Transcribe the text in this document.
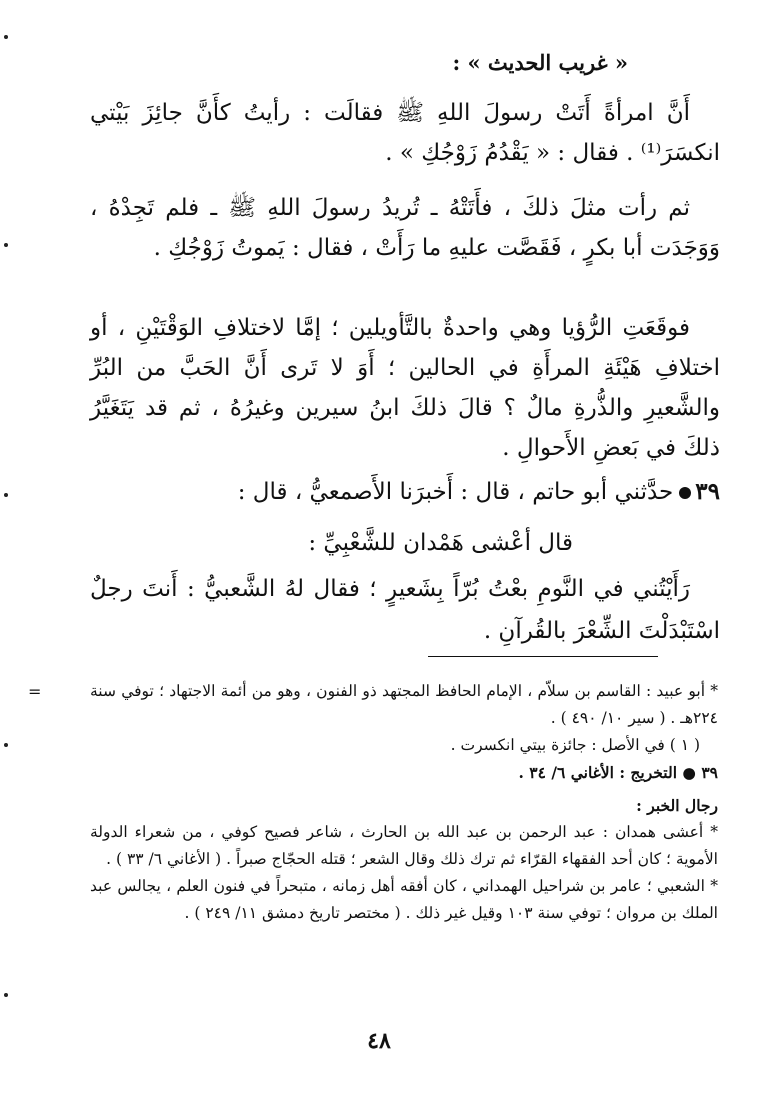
« غريب الحديث » :
أَنَّ امرأةً أَتَتْ رسولَ اللهِ ﷺ فقالَت : رأيتُ كأَنَّ جائِزَ بَيْتي انكسَرَ⁽¹⁾ . فقال : « يَقْدُمُ زَوْجُكِ » .
ثم رأت مثلَ ذلكَ ، فأَتَتْهُ ـ تُريدُ رسولَ اللهِ ﷺ ـ فلم تَجِدْهُ ، وَوَجَدَت أبا بكرٍ ، فَقَصَّت عليهِ ما رَأَتْ ، فقال : يَموتُ زَوْجُكِ .
فوقَعَتِ الرُّؤيا وهي واحدةٌ بالتَّأويلين ؛ إمَّا لاختلافِ الوَقْتَيْنِ ، أو اختلافِ هَيْئَةِ المرأَةِ في الحالين ؛ أَوَ لا تَرى أَنَّ الحَبَّ من البُرِّ والشَّعيرِ والذُّرةِ مالٌ ؟ قالَ ذلكَ ابنُ سيرين وغيرُهُ ، ثم قد يَتَغَيَّرُ ذلكَ في بَعضِ الأَحوالِ .
٣٩حدَّثني أبو حاتم ، قال : أَخبرَنا الأَصمعيُّ ، قال :
قال أعْشى هَمْدان للشَّعْبِيِّ :
رَأَيْتُني في النَّومِ بعْتُ بُرّاً بِشَعيرٍ ؛ فقال لهُ الشَّعبيُّ : أَنتَ رجلٌ اسْتَبْدَلْتَ الشِّعْرَ بالقُرآنِ .
=	* أبو عبيد : القاسم بن سلاّم ، الإمام الحافظ المجتهد ذو الفنون ، وهو من أئمة الاجتهاد ؛ توفي سنة ٢٢٤هـ . ( سير ١٠/ ٤٩٠ ) .

( ١ ) في الأصل : جائزة بيتي انكسرت .

٣٩ ● التخريج : الأغاني ٦/ ٣٤ .

رجال الخبر :

* أعشى همدان : عبد الرحمن بن عبد الله بن الحارث ، شاعر فصيح كوفي ، من شعراء الدولة الأموية ؛ كان أحد الفقهاء القرّاء ثم ترك ذلك وقال الشعر ؛ قتله الحجّاج صبراً . ( الأغاني ٦/ ٣٣ ) .

* الشعبي ؛ عامر بن شراحيل الهمداني ، كان أفقه أهل زمانه ، متبحراً في فنون العلم ، يجالس عبد الملك بن مروان ؛ توفي سنة ١٠٣ وقيل غير ذلك . ( مختصر تاريخ دمشق ١١/ ٢٤٩ ) .

٤٨
